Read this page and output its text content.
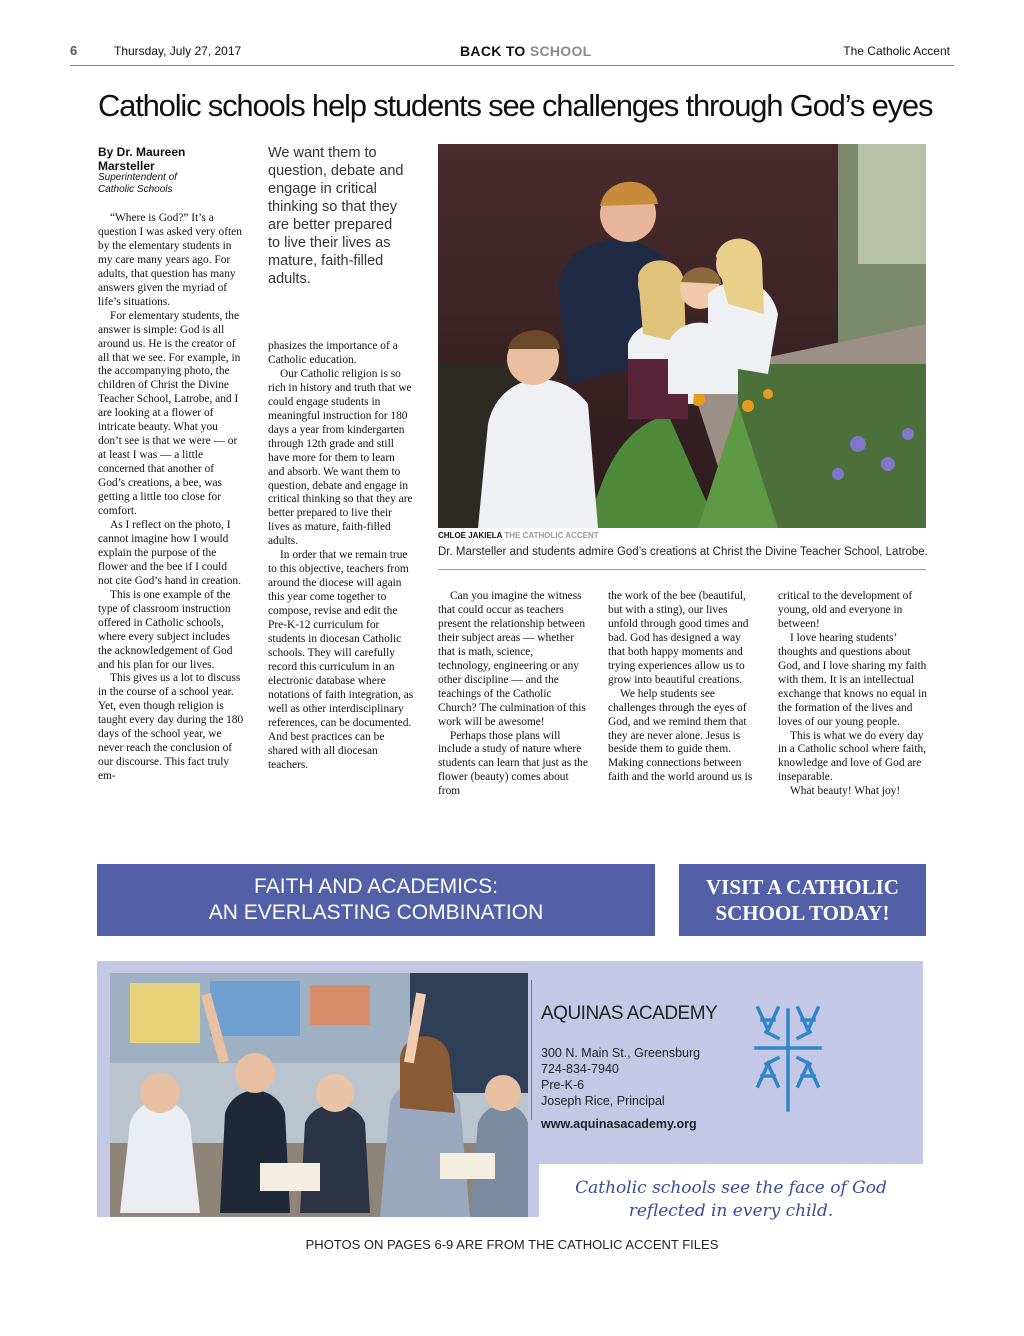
6	Thursday, July 27, 2017	BACK TO SCHOOL	The Catholic Accent
Catholic schools help students see challenges through God’s eyes
By Dr. Maureen Marsteller
Superintendent of Catholic Schools
We want them to question, debate and engage in critical thinking so that they are better prepared to live their lives as mature, faith-filled adults.

“Where is God?” It’s a question I was asked very often by the elementary students in my care many years ago. For adults, that question has many answers given the myriad of life’s situations.

For elementary students, the answer is simple: God is all around us. He is the creator of all that we see. For example, in the accompanying photo, the children of Christ the Divine Teacher School, Latrobe, and I are looking at a flower of intricate beauty. What you don’t see is that we were — or at least I was — a little concerned that another of God’s creations, a bee, was getting a little too close for comfort.

As I reflect on the photo, I cannot imagine how I would explain the purpose of the flower and the bee if I could not cite God’s hand in creation.

This is one example of the type of classroom instruction offered in Catholic schools, where every subject includes the acknowledgement of God and his plan for our lives.

This gives us a lot to discuss in the course of a school year. Yet, even though religion is taught every day during the 180 days of the school year, we never reach the conclusion of our discourse. This fact truly em-

phasizes the importance of a Catholic education.

Our Catholic religion is so rich in history and truth that we could engage students in meaningful instruction for 180 days a year from kindergarten through 12th grade and still have more for them to learn and absorb. We want them to question, debate and engage in critical thinking so that they are better prepared to live their lives as mature, faith-filled adults.

In order that we remain true to this objective, teachers from around the diocese will again this year come together to compose, revise and edit the Pre-K-12 curriculum for students in diocesan Catholic schools. They will carefully record this curriculum in an electronic database where notations of faith integration, as well as other interdisciplinary references, can be documented. And best practices can be shared with all diocesan teachers.

Can you imagine the witness that could occur as teachers present the relationship between their subject areas — whether that is math, science, technology, engineering or any other discipline — and the teachings of the Catholic Church? The culmination of this work will be awesome!

Perhaps those plans will include a study of nature where students can learn that just as the flower (beauty) comes about from

the work of the bee (beautiful, but with a sting), our lives unfold through good times and bad. God has designed a way that both happy moments and trying experiences allow us to grow into beautiful creations.

We help students see challenges through the eyes of God, and we remind them that they are never alone. Jesus is beside them to guide them. Making connections between faith and the world around us is

critical to the development of young, old and everyone in between!

I love hearing students’ thoughts and questions about God, and I love sharing my faith with them. It is an intellectual exchange that knows no equal in the formation of the lives and loves of our young people.

This is what we do every day in a Catholic school where faith, knowledge and love of God are inseparable.

What beauty! What joy!

CHLOE JAKIELA THE CATHOLIC ACCENT
Dr. Marsteller and students admire God’s creations at Christ the Divine Teacher School, Latrobe.
FAITH AND ACADEMICS:
AN EVERLASTING COMBINATION
VISIT A CATHOLIC
SCHOOL TODAY!
AQUINAS ACADEMY
300 N. Main St., Greensburg
724-834-7940
Pre-K-6
Joseph Rice, Principal
www.aquinasacademy.org
Catholic schools see the face of God
reflected in every child.
PHOTOS ON PAGES 6-9 ARE FROM THE CATHOLIC ACCENT FILES
